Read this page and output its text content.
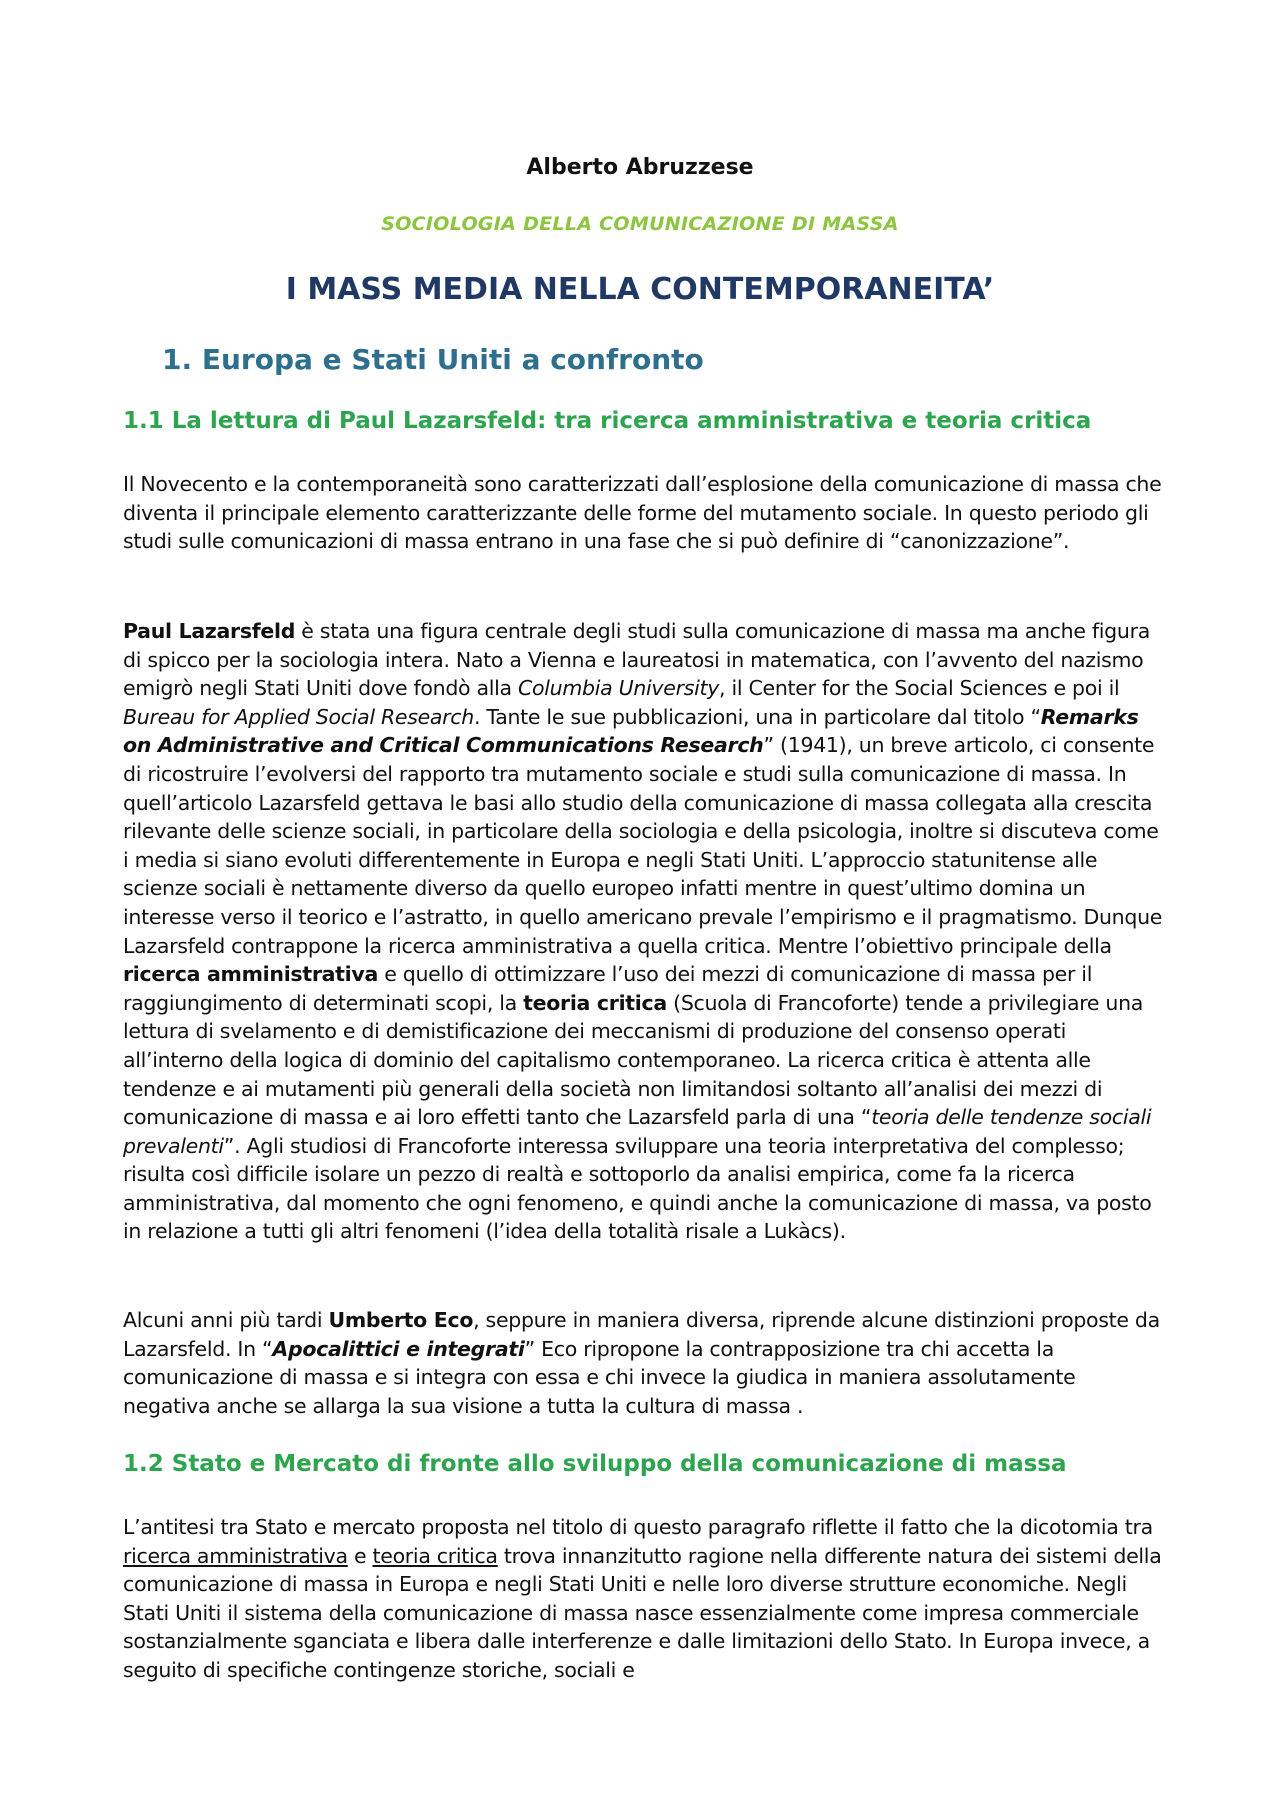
Alberto Abruzzese
SOCIOLOGIA DELLA COMUNICAZIONE DI MASSA
I MASS MEDIA NELLA CONTEMPORANEITA’
1. Europa e Stati Uniti a confronto
1.1 La lettura di Paul Lazarsfeld: tra ricerca amministrativa e teoria critica
Il Novecento e la contemporaneità sono caratterizzati dall’esplosione della comunicazione di massa che diventa il principale elemento caratterizzante delle forme del mutamento sociale. In questo periodo gli studi sulle comunicazioni di massa entrano in una fase che si può definire di “canonizzazione”.
Paul Lazarsfeld è stata una figura centrale degli studi sulla comunicazione di massa ma anche figura di spicco per la sociologia intera. Nato a Vienna e laureatosi in matematica, con l’avvento del nazismo emigrò negli Stati Uniti dove fondò alla Columbia University, il Center for the Social Sciences e poi il Bureau for Applied Social Research. Tante le sue pubblicazioni, una in particolare dal titolo “Remarks on Administrative and Critical Communications Research” (1941), un breve articolo, ci consente di ricostruire l’evolversi del rapporto tra mutamento sociale e studi sulla comunicazione di massa. In quell’articolo Lazarsfeld gettava le basi allo studio della comunicazione di massa collegata alla crescita rilevante delle scienze sociali, in particolare della sociologia e della psicologia, inoltre si discuteva come i media si siano evoluti differentemente in Europa e negli Stati Uniti. L’approccio statunitense alle scienze sociali è nettamente diverso da quello europeo infatti mentre in quest’ultimo domina un interesse verso il teorico e l’astratto, in quello americano prevale l’empirismo e il pragmatismo. Dunque Lazarsfeld contrappone la ricerca amministrativa a quella critica. Mentre l’obiettivo principale della ricerca amministrativa e quello di ottimizzare l’uso dei mezzi di comunicazione di massa per il raggiungimento di determinati scopi, la teoria critica (Scuola di Francoforte) tende a privilegiare una lettura di svelamento e di demistificazione dei meccanismi di produzione del consenso operati all’interno della logica di dominio del capitalismo contemporaneo. La ricerca critica è attenta alle tendenze e ai mutamenti più generali della società non limitandosi soltanto all’analisi dei mezzi di comunicazione di massa e ai loro effetti tanto che Lazarsfeld parla di una “teoria delle tendenze sociali prevalenti”. Agli studiosi di Francoforte interessa sviluppare una teoria interpretativa del complesso; risulta così difficile isolare un pezzo di realtà e sottoporlo da analisi empirica, come fa la ricerca amministrativa, dal momento che ogni fenomeno, e quindi anche la comunicazione di massa, va posto in relazione a tutti gli altri fenomeni (l’idea della totalità risale a Lukàcs).
Alcuni anni più tardi Umberto Eco, seppure in maniera diversa, riprende alcune distinzioni proposte da Lazarsfeld. In “Apocalittici e integrati” Eco ripropone la contrapposizione tra chi accetta la comunicazione di massa e si integra con essa e chi invece la giudica in maniera assolutamente negativa anche se allarga la sua visione a tutta la cultura di massa .
1.2 Stato e Mercato di fronte allo sviluppo della comunicazione di massa
L’antitesi tra Stato e mercato proposta nel titolo di questo paragrafo riflette il fatto che la dicotomia tra ricerca amministrativa e teoria critica trova innanzitutto ragione nella differente natura dei sistemi della comunicazione di massa in Europa e negli Stati Uniti e nelle loro diverse strutture economiche. Negli Stati Uniti il sistema della comunicazione di massa nasce essenzialmente come impresa commerciale sostanzialmente sganciata e libera dalle interferenze e dalle limitazioni dello Stato. In Europa invece, a seguito di specifiche contingenze storiche, sociali e
